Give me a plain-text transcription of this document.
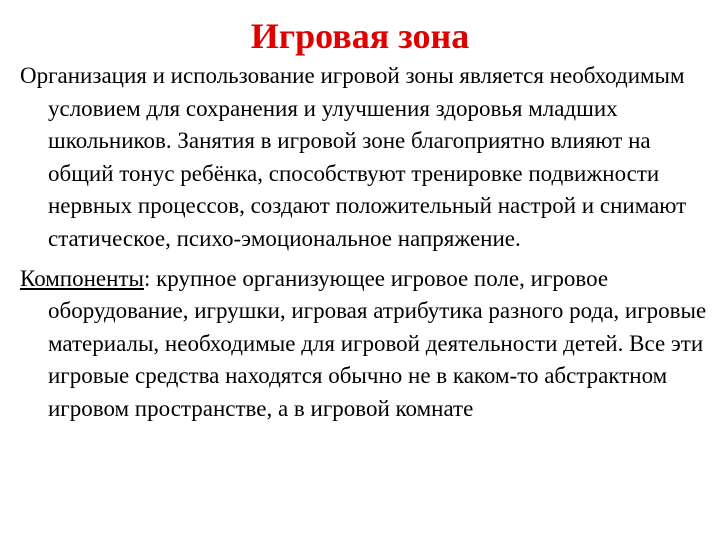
Игровая зона

Организация и использование игровой зоны является необходимым условием для сохранения и улучшения здоровья младших школьников. Занятия в игровой зоне благоприятно влияют на общий тонус ребёнка, способствуют тренировке подвижности нервных процессов, создают положительный настрой и снимают статическое, психо-эмоциональное напряжение.

Компоненты: крупное организующее игровое поле, игровое оборудование, игрушки, игровая атрибутика разного рода, игровые материалы, необходимые для игровой деятельности детей. Все эти игровые средства находятся обычно не в каком-то абстрактном игровом пространстве, а в игровой комнате
